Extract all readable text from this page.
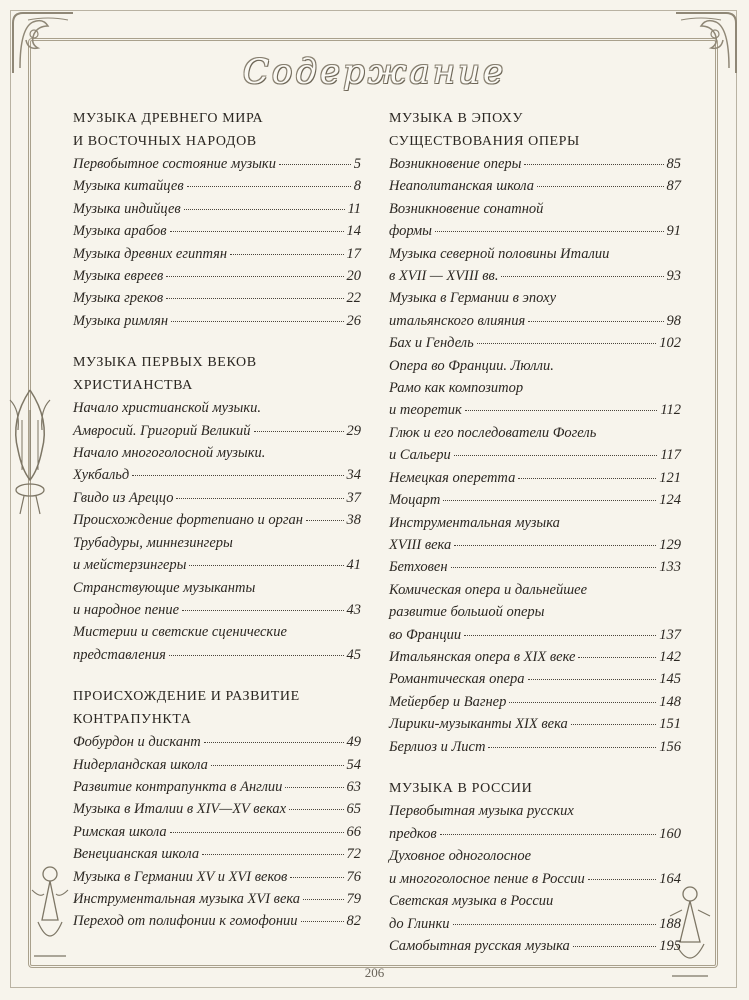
Содержание
МУЗЫКА ДРЕВНЕГО МИРА
И ВОСТОЧНЫХ НАРОДОВ
Первобытное состояние музыки	5
Музыка китайцев	8
Музыка индийцев	11
Музыка арабов	14
Музыка древних египтян	17
Музыка евреев	20
Музыка греков	22
Музыка римлян	26
МУЗЫКА ПЕРВЫХ ВЕКОВ
ХРИСТИАНСТВА
Начало христианской музыки.
Амвросий. Григорий Великий	29
Начало многоголосной музыки.
Хукбальд	34
Гвидо из Ареццо	37
Происхождение фортепиано и орган	38
Трубадуры, миннезингеры
и мейстерзингеры	41
Странствующие музыканты
и народное пение	43
Мистерии и светские сценические
представления	45
ПРОИСХОЖДЕНИЕ И РАЗВИТИЕ
КОНТРАПУНКТА
Фобурдон и дискант	49
Нидерландская школа	54
Развитие контрапункта в Англии	63
Музыка в Италии в XIV—XV веках	65
Римская школа	66
Венецианская школа	72
Музыка в Германии XV и XVI веков	76
Инструментальная музыка XVI века	79
Переход от полифонии к гомофонии	82
МУЗЫКА В ЭПОХУ
СУЩЕСТВОВАНИЯ ОПЕРЫ
Возникновение оперы	85
Неаполитанская школа	87
Возникновение сонатной
формы	91
Музыка северной половины Италии
в XVII — XVIII вв.	93
Музыка в Германии в эпоху
итальянского влияния	98
Бах и Гендель	102
Опера во Франции. Люлли.
Рамо как композитор
и теоретик	112
Глюк и его последователи Фогель
и Сальери	117
Немецкая оперетта	121
Моцарт	124
Инструментальная музыка
XVIII века	129
Бетховен	133
Комическая опера и дальнейшее
развитие большой оперы
во Франции	137
Итальянская опера в XIX веке	142
Романтическая опера	145
Мейербер и Вагнер	148
Лирики-музыканты XIX века	151
Берлиоз и Лист	156
МУЗЫКА В РОССИИ
Первобытная музыка русских
предков	160
Духовное одноголосное
и многоголосное пение в России	164
Светская музыка в России
до Глинки	188
Самобытная русская музыка	195
206
